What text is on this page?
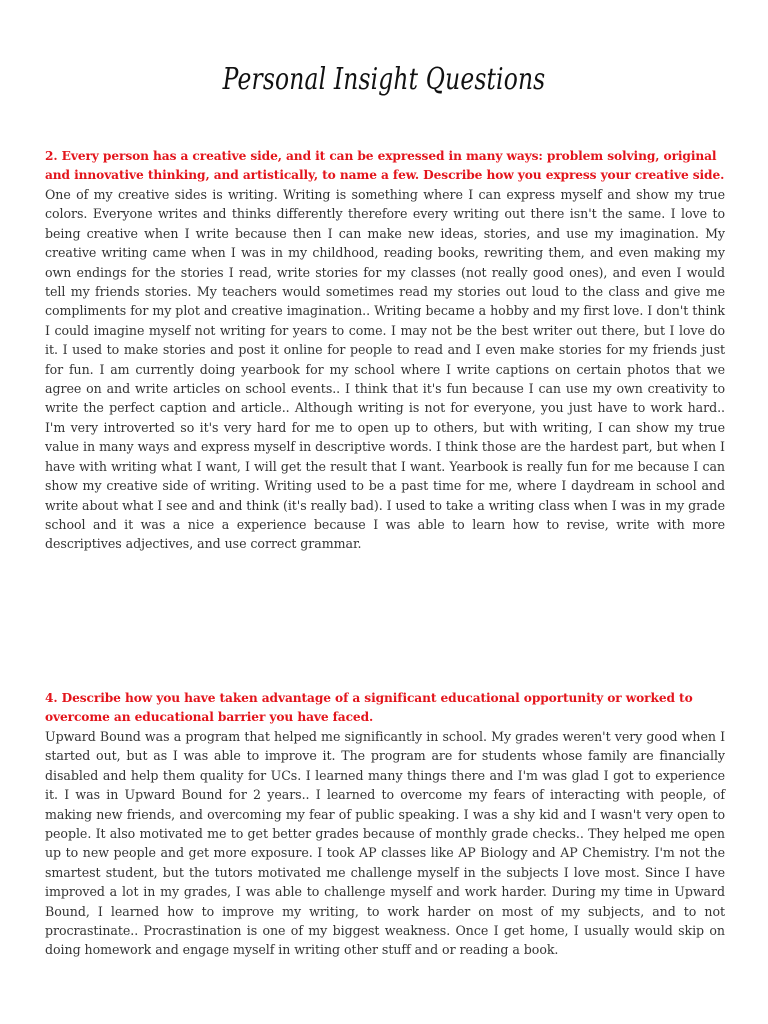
Personal Insight Questions
2. Every person has a creative side, and it can be expressed in many ways: problem solving, original and innovative thinking, and artistically, to name a few. Describe how you express your creative side.
One of my creative sides is writing. Writing is something where I can express myself and show my true colors. Everyone writes and thinks differently therefore every writing out there isn't the same. I love to being creative when I write because then I can make new ideas, stories, and use my imagination. My creative writing came when I was in my childhood, reading books, rewriting them, and even making my own endings for the stories I read, write stories for my classes (not really good ones), and even I would tell my friends stories. My teachers would sometimes read my stories out loud to the class and give me compliments for my plot and creative imagination.. Writing became a hobby and my first love. I don't think I could imagine myself not writing for years to come. I may not be the best writer out there, but I love do it. I used to make stories and post it online for people to read and I even make stories for my friends just for fun. I am currently doing yearbook for my school where I write captions on certain photos that we agree on and write articles on school events.. I think that it's fun because I can use my own creativity to write the perfect caption and article.. Although writing is not for everyone, you just have to work hard.. I'm very introverted so it's very hard for me to open up to others, but with writing, I can show my true value in many ways and express myself in descriptive words. I think those are the hardest part, but when I have with writing what I want, I will get the result that I want. Yearbook is really fun for me because I can show my creative side of writing. Writing used to be a past time for me, where I daydream in school and write about what I see and and think (it's really bad). I used to take a writing class when I was in my grade school and it was a nice a experience because I was able to learn how to revise, write with more descriptives adjectives, and use correct grammar.
4. Describe how you have taken advantage of a significant educational opportunity or worked to overcome an educational barrier you have faced.
Upward Bound was a program that helped me significantly in school. My grades weren't very good when I started out, but as I was able to improve it. The program are for students whose family are financially disabled and help them quality for UCs. I learned many things there and I'm was glad I got to experience it. I was in Upward Bound for 2 years.. I learned to overcome my fears of interacting with people, of making new friends, and overcoming my fear of public speaking. I was a shy kid and I wasn't very open to people. It also motivated me to get better grades because of monthly grade checks.. They helped me open up to new people and get more exposure. I took AP classes like AP Biology and AP Chemistry. I'm not the smartest student, but the tutors motivated me challenge myself in the subjects I love most. Since I have improved a lot in my grades, I was able to challenge myself and work harder. During my time in Upward Bound, I learned how to improve my writing, to work harder on most of my subjects, and to not procrastinate.. Procrastination is one of my biggest weakness. Once I get home, I usually would skip on doing homework and engage myself in writing other stuff and or reading a book.
